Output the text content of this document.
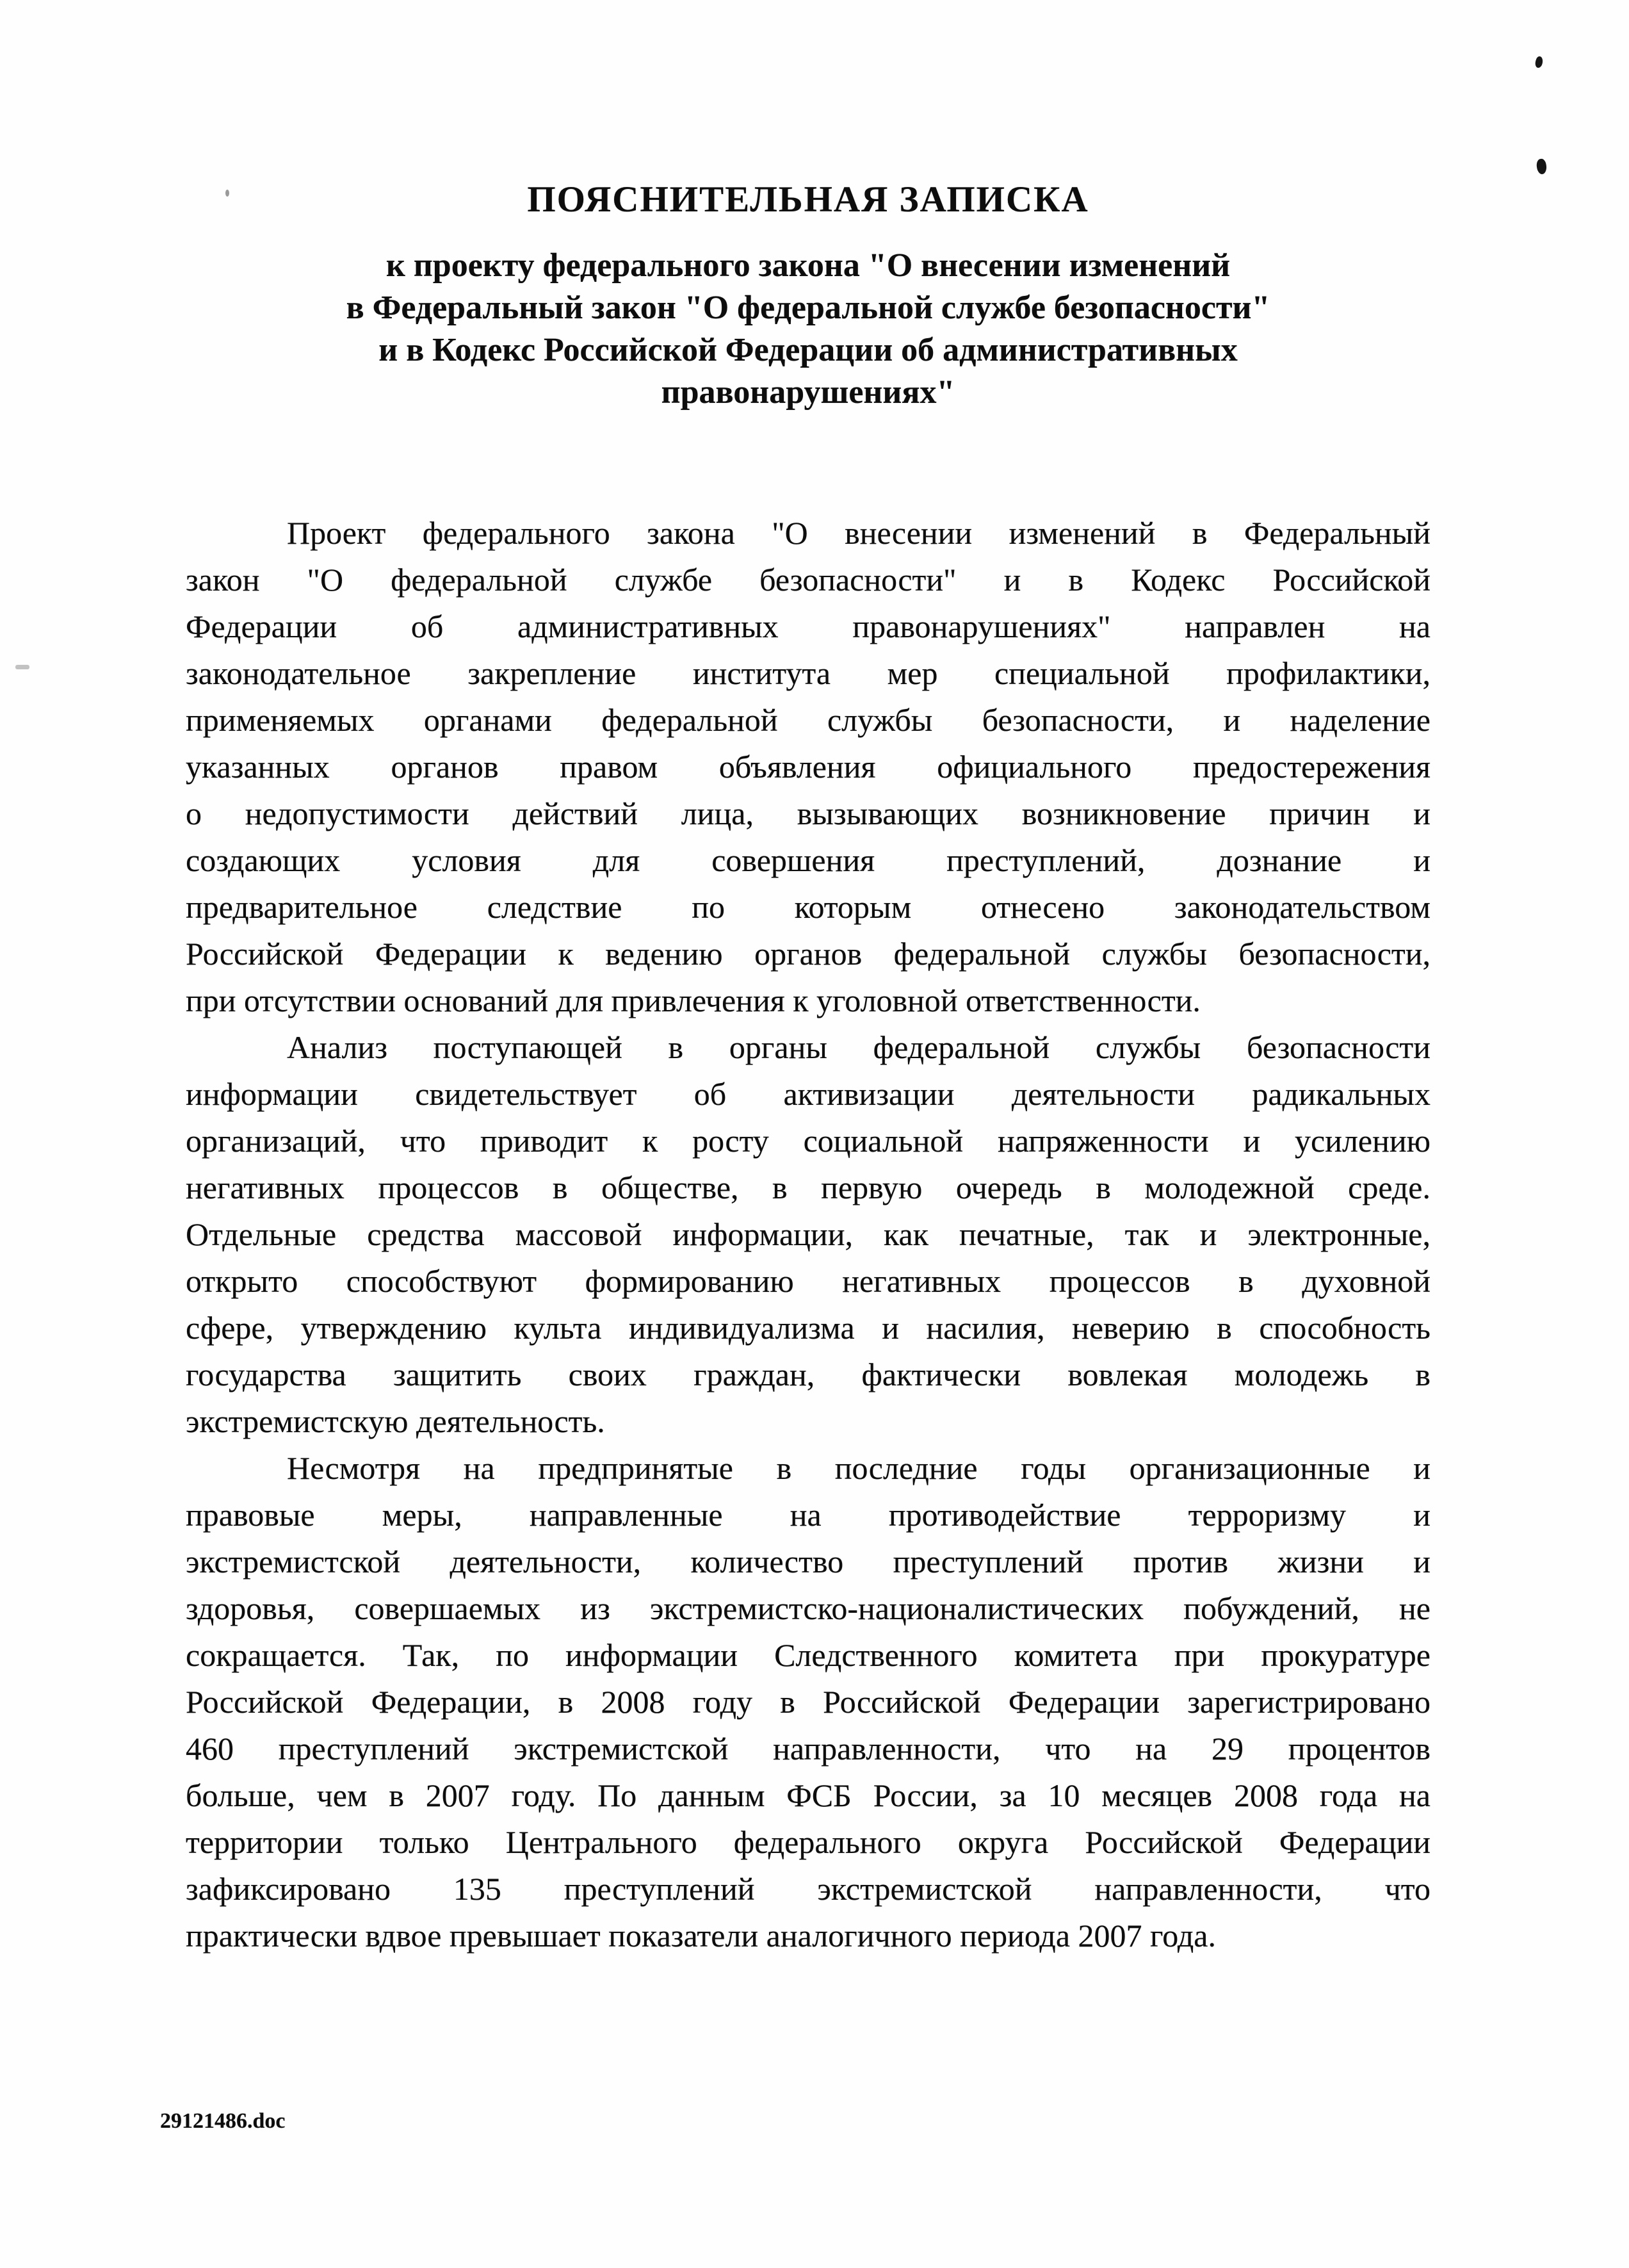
ПОЯСНИТЕЛЬНАЯ ЗАПИСКА
к проекту федерального закона "О внесении изменений
в Федеральный закон "О федеральной службе безопасности"
и в Кодекс Российской Федерации об административных
правонарушениях"
Проект федерального закона "О внесении изменений в Федеральный
закон "О федеральной службе безопасности" и в Кодекс Российской
Федерации об административных правонарушениях" направлен на
законодательное закрепление института мер специальной профилактики,
применяемых органами федеральной службы безопасности, и наделение
указанных органов правом объявления официального предостережения
о недопустимости действий лица, вызывающих возникновение причин и
создающих условия для совершения преступлений, дознание и
предварительное следствие по которым отнесено законодательством
Российской Федерации к ведению органов федеральной службы безопасности,
при отсутствии оснований для привлечения к уголовной ответственности.
Анализ поступающей в органы федеральной службы безопасности
информации свидетельствует об активизации деятельности радикальных
организаций, что приводит к росту социальной напряженности и усилению
негативных процессов в обществе, в первую очередь в молодежной среде.
Отдельные средства массовой информации, как печатные, так и электронные,
открыто способствуют формированию негативных процессов в духовной
сфере, утверждению культа индивидуализма и насилия, неверию в способность
государства защитить своих граждан, фактически вовлекая молодежь в
экстремистскую деятельность.
Несмотря на предпринятые в последние годы организационные и
правовые меры, направленные на противодействие терроризму и
экстремистской деятельности, количество преступлений против жизни и
здоровья, совершаемых из экстремистско-националистических побуждений, не
сокращается. Так, по информации Следственного комитета при прокуратуре
Российской Федерации, в 2008 году в Российской Федерации зарегистрировано
460 преступлений экстремистской направленности, что на 29 процентов
больше, чем в 2007 году. По данным ФСБ России, за 10 месяцев 2008 года на
территории только Центрального федерального округа Российской Федерации
зафиксировано 135 преступлений экстремистской направленности, что
практически вдвое превышает показатели аналогичного периода 2007 года.
29121486.doc
